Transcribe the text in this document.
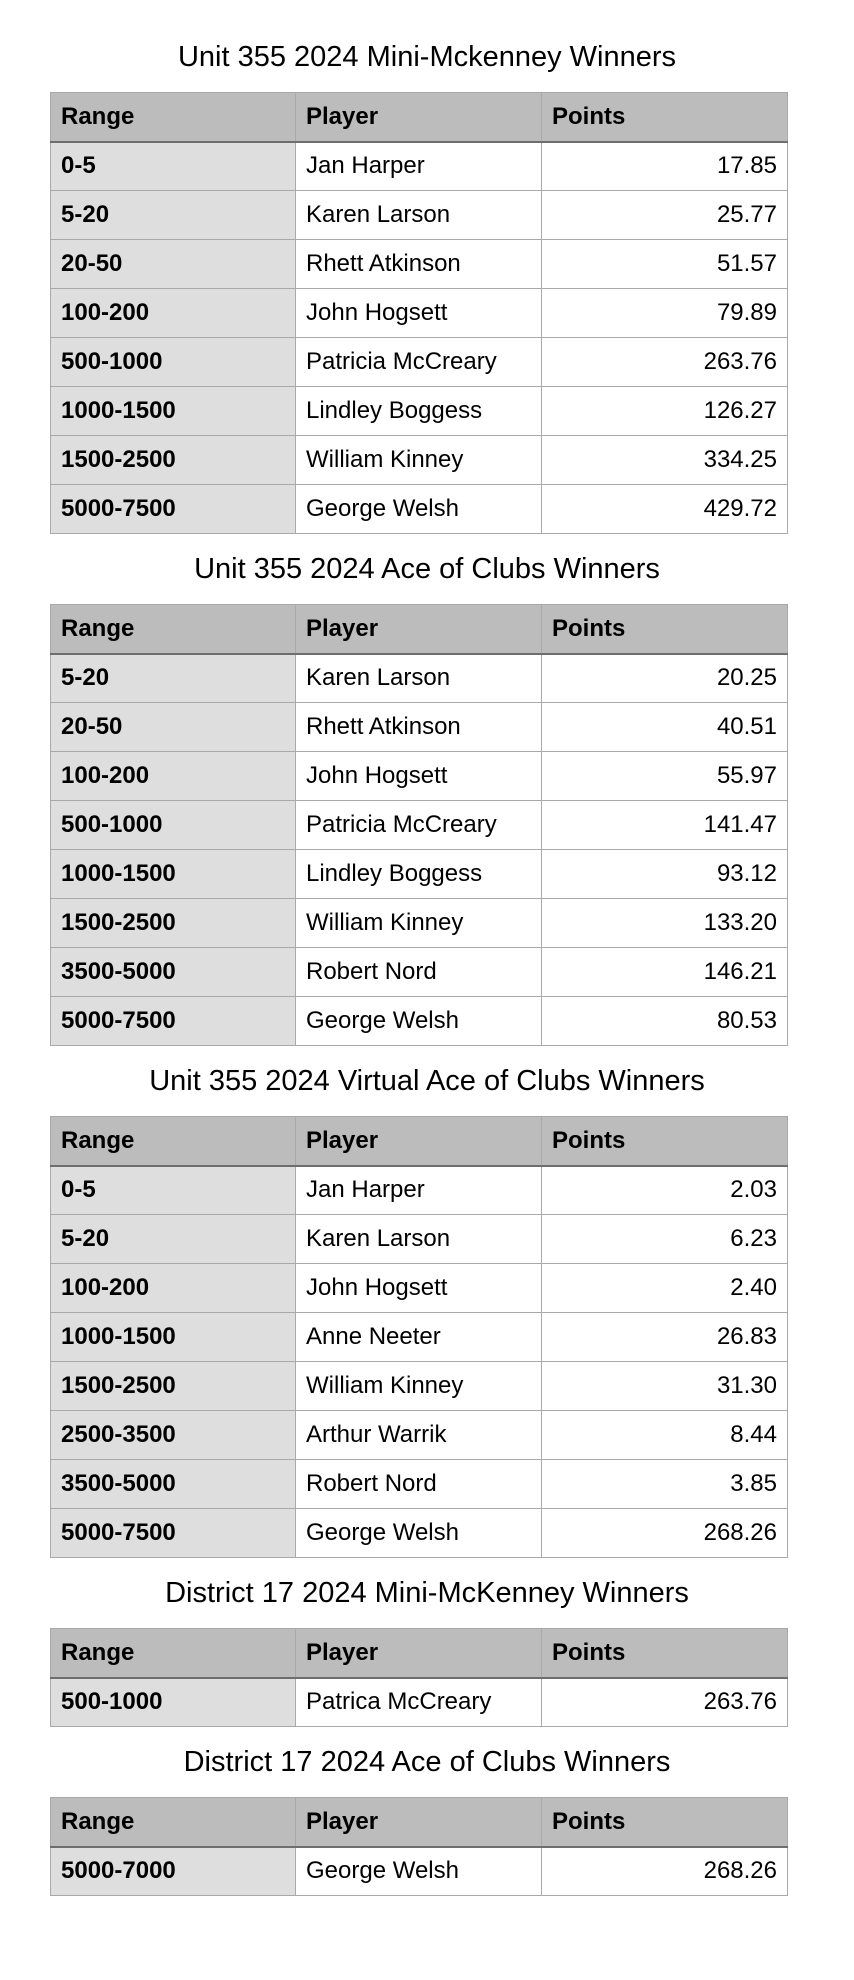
Unit 355 2024 Mini-Mckenney Winners
Range	Player	Points
0-5	Jan Harper	17.85
5-20	Karen Larson	25.77
20-50	Rhett Atkinson	51.57
100-200	John Hogsett	79.89
500-1000	Patricia McCreary	263.76
1000-1500	Lindley Boggess	126.27
1500-2500	William Kinney	334.25
5000-7500	George Welsh	429.72
Unit 355 2024 Ace of Clubs Winners
Range	Player	Points
5-20	Karen Larson	20.25
20-50	Rhett Atkinson	40.51
100-200	John Hogsett	55.97
500-1000	Patricia McCreary	141.47
1000-1500	Lindley Boggess	93.12
1500-2500	William Kinney	133.20
3500-5000	Robert Nord	146.21
5000-7500	George Welsh	80.53
Unit 355 2024 Virtual Ace of Clubs Winners
Range	Player	Points
0-5	Jan Harper	2.03
5-20	Karen Larson	6.23
100-200	John Hogsett	2.40
1000-1500	Anne Neeter	26.83
1500-2500	William Kinney	31.30
2500-3500	Arthur Warrik	8.44
3500-5000	Robert Nord	3.85
5000-7500	George Welsh	268.26
District 17 2024 Mini-McKenney Winners
Range	Player	Points
500-1000	Patrica McCreary	263.76
District 17 2024 Ace of Clubs Winners
Range	Player	Points
5000-7000	George Welsh	268.26
